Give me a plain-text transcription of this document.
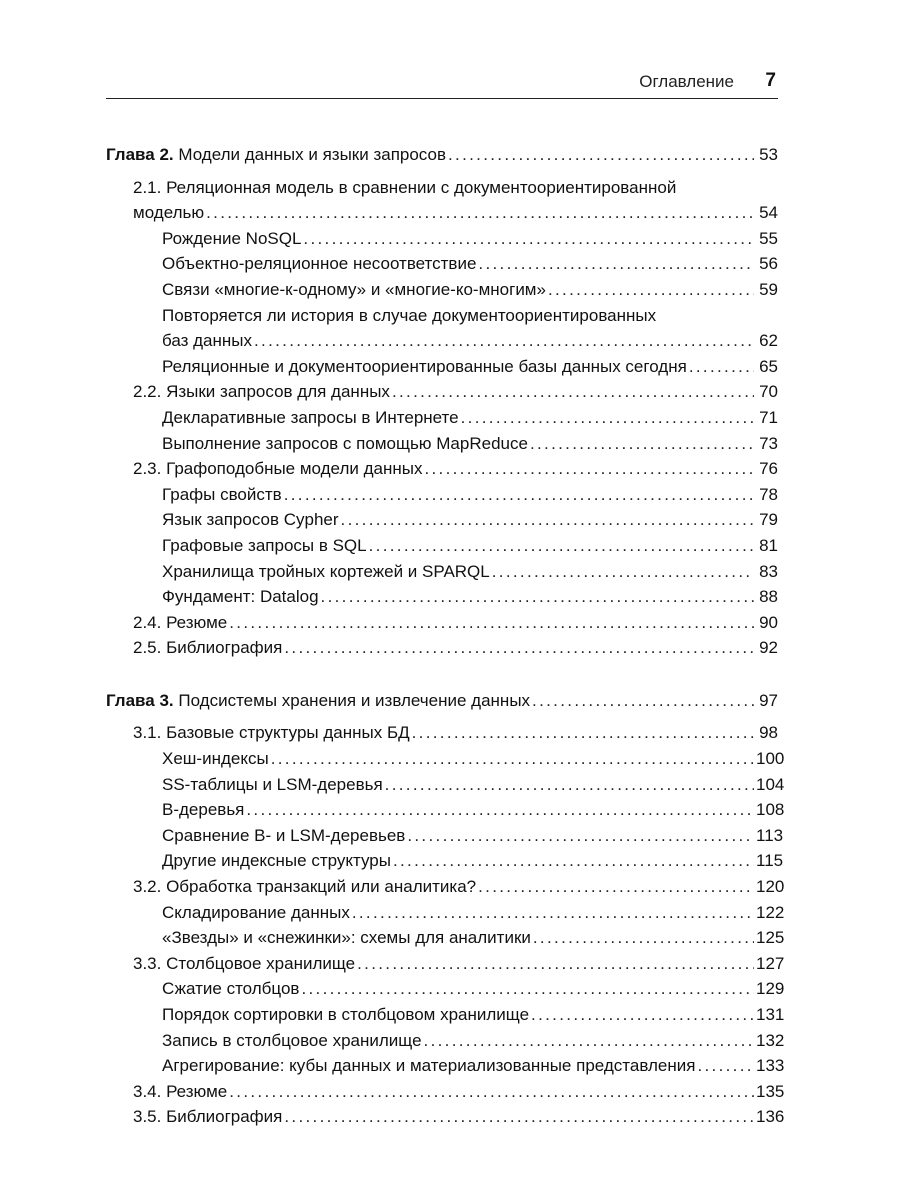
Оглавление 7
Глава 2. Модели данных и языки запросов . . .	53
2.1. Реляционная модель в сравнении с документоориентированной
моделью . . .	54
Рождение NoSQL . . .	55
Объектно-реляционное несоответствие . . .	56
Связи «многие-к-одному» и «многие-ко-многим» . . .	59
Повторяется ли история в случае документоориентированных
баз данных . . .	62
Реляционные и документоориентированные базы данных сегодня . . .	65
2.2. Языки запросов для данных . . .	70
Декларативные запросы в Интернете . . .	71
Выполнение запросов с помощью MapReduce . . .	73
2.3. Графоподобные модели данных . . .	76
Графы свойств . . .	78
Язык запросов Cypher . . .	79
Графовые запросы в SQL . . .	81
Хранилища тройных кортежей и SPARQL . . .	83
Фундамент: Datalog . . .	88
2.4. Резюме . . .	90
2.5. Библиография . . .	92
Глава 3. Подсистемы хранения и извлечение данных . . .	97
3.1. Базовые структуры данных БД . . .	98
Хеш-индексы . . .	100
SS-таблицы и LSM-деревья . . .	104
B-деревья . . .	108
Сравнение B- и LSM-деревьев . . .	113
Другие индексные структуры . . .	115
3.2. Обработка транзакций или аналитика? . . .	120
Складирование данных . . .	122
«Звезды» и «снежинки»: схемы для аналитики . . .	125
3.3. Столбцовое хранилище . . .	127
Сжатие столбцов . . .	129
Порядок сортировки в столбцовом хранилище . . .	131
Запись в столбцовое хранилище . . .	132
Агрегирование: кубы данных и материализованные представления . . .	133
3.4. Резюме . . .	135
3.5. Библиография . . .	136
